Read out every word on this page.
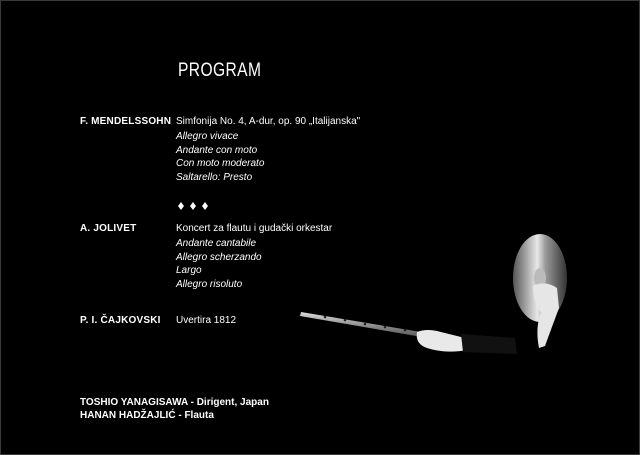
PROGRAM
F. MENDELSSOHN Simfonija No. 4, A-dur, op. 90 „Italijanska"
Allegro vivace
Andante con moto
Con moto moderato
Saltarello: Presto
A. JOLIVET	Koncert za flautu i gudački orkestar
Andante cantabile
Allegro scherzando
Largo
Allegro risoluto
P. I. ČAJKOVSKI Uvertira 1812
TOSHIO YANAGISAWA - Dirigent, Japan
HANAN HADŽAJLIĆ - Flauta
